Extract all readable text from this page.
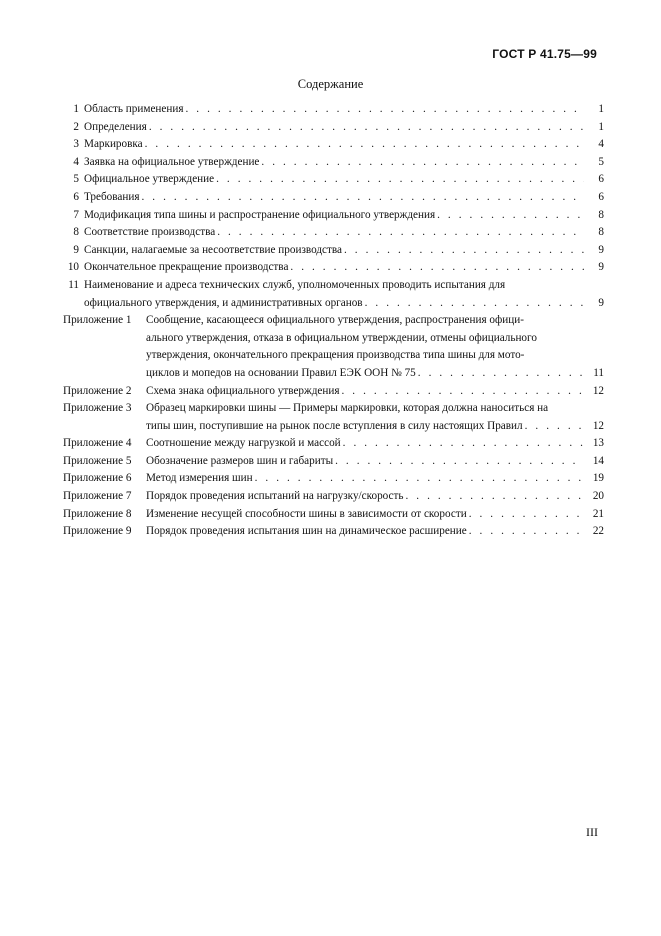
ГОСТ Р 41.75—99
Содержание
1 Область применения . . .	1
2 Определения . . .	1
3 Маркировка . . .	4
4 Заявка на официальное утверждение . . .	5
5 Официальное утверждение . . .	6
6 Требования . . .	6
7 Модификация типа шины и распространение официального утверждения . . .	8
8 Соответствие производства . . .	8
9 Санкции, налагаемые за несоответствие производства . . .	9
10 Окончательное прекращение производства . . .	9
11 Наименование и адреса технических служб, уполномоченных проводить испытания для
официального утверждения, и административных органов . . .	9
Приложение 1	Сообщение, касающееся официального утверждения, распространения офици-
ального утверждения, отказа в официальном утверждении, отмены официального
утверждения, окончательного прекращения производства типа шины для мото-
циклов и мопедов на основании Правил ЕЭК ООН № 75 . . .	11
Приложение 2	Схема знака официального утверждения . . .	12
Приложение 3	Образец маркировки шины — Примеры маркировки, которая должна наноситься на
типы шин, поступившие на рынок после вступления в силу настоящих Правил . . .	12
Приложение 4	Соотношение между нагрузкой и массой . . .	13
Приложение 5	Обозначение размеров шин и габариты . . .	14
Приложение 6	Метод измерения шин . . .	19
Приложение 7	Порядок проведения испытаний на нагрузку/скорость . . .	20
Приложение 8	Изменение несущей способности шины в зависимости от скорости . . .	21
Приложение 9	Порядок проведения испытания шин на динамическое расширение . . .	22
III
